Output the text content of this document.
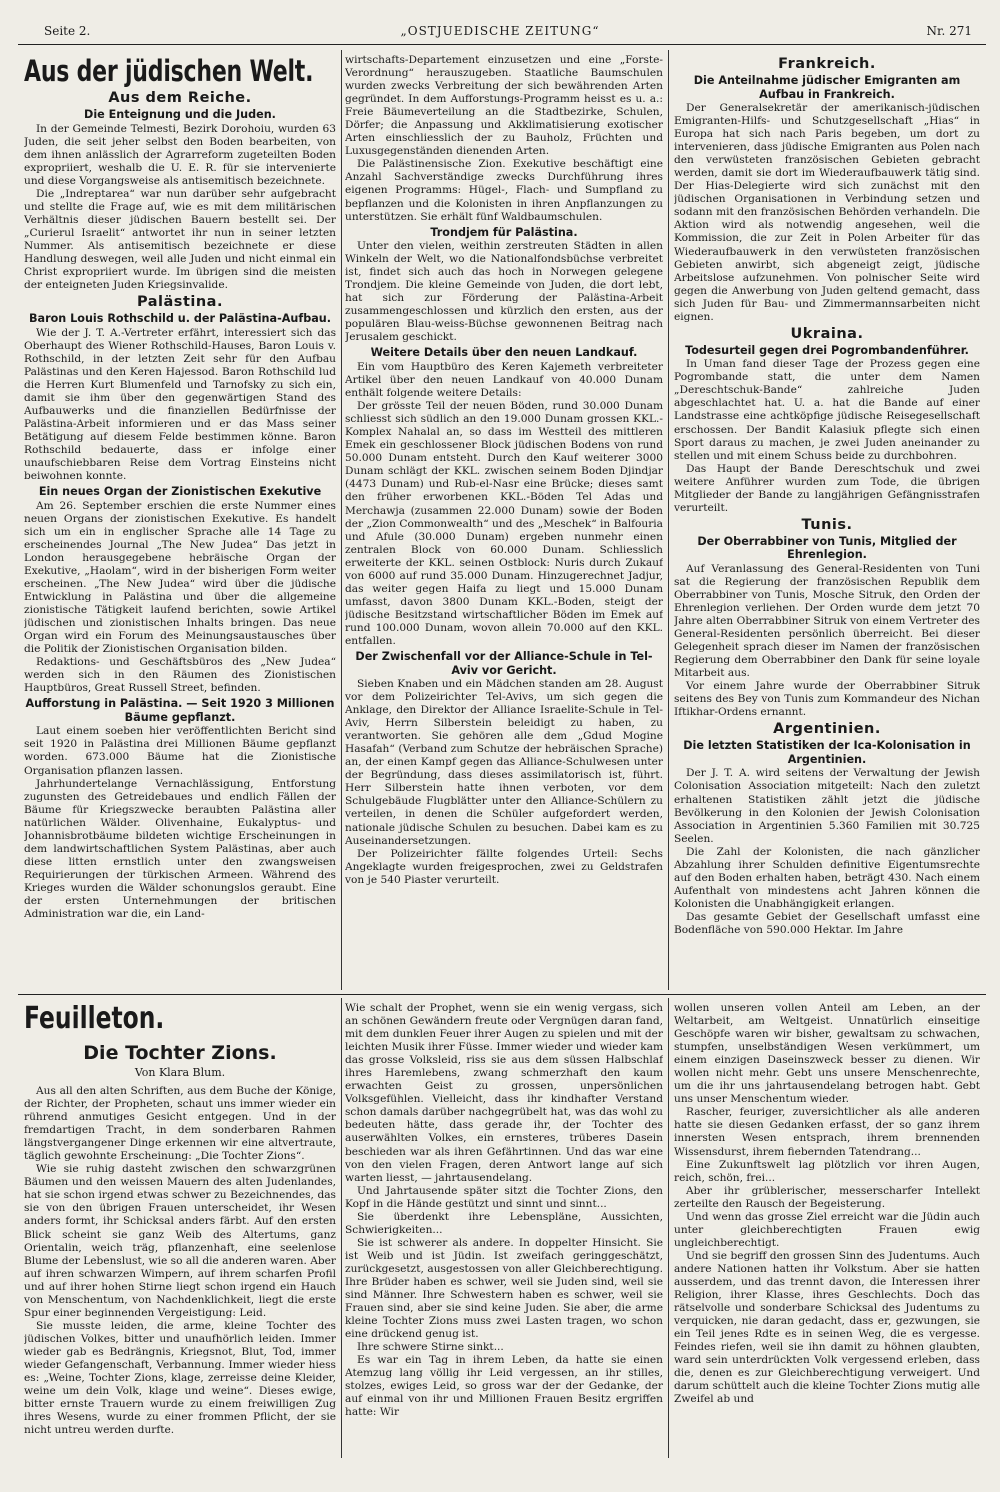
Seite 2.	„OSTJUEDISCHE ZEITUNG“	Nr. 271
Aus der jüdischen Welt.
Aus dem Reiche.
Die Enteignung und die Juden.

In der Gemeinde Telmesti, Bezirk Dorohoiu, wurden 63 Juden, die seit jeher selbst den Boden bearbeiten, von dem ihnen anlässlich der Agrarreform zugeteilten Boden expropriiert, weshalb die U. E. R. für sie intervenierte und diese Vorgangsweise als antisemitisch bezeichnete.

Die „Indreptarea“ war nun darüber sehr aufgebracht und stellte die Frage auf, wie es mit dem militärischen Verhältnis dieser jüdischen Bauern bestellt sei. Der „Curierul Israelit“ antwortet ihr nun in seiner letzten Nummer. Als antisemitisch bezeichnete er diese Handlung deswegen, weil alle Juden und nicht einmal ein Christ expropriiert wurde. Im übrigen sind die meisten der enteigneten Juden Kriegsinvalide.

Palästina.
Baron Louis Rothschild u. der Palästina-Aufbau.

Wie der J. T. A.-Vertreter erfährt, interessiert sich das Oberhaupt des Wiener Rothschild-Hauses, Baron Louis v. Rothschild, in der letzten Zeit sehr für den Aufbau Palästinas und den Keren Hajessod. Baron Rothschild lud die Herren Kurt Blumenfeld und Tarnofsky zu sich ein, damit sie ihm über den gegenwärtigen Stand des Aufbauwerks und die finanziellen Bedürfnisse der Palästina-Arbeit informieren und er das Mass seiner Betätigung auf diesem Felde bestimmen könne. Baron Rothschild bedauerte, dass er infolge einer unaufschiebbaren Reise dem Vortrag Einsteins nicht beiwohnen konnte.

Ein neues Organ der Zionistischen Exekutive

Am 26. September erschien die erste Nummer eines neuen Organs der zionistischen Exekutive. Es handelt sich um ein in englischer Sprache alle 14 Tage zu erscheinendes Journal „The New Judea“ Das jetzt in London herausgegebene hebräische Organ der Exekutive, „Haolam“, wird in der bisherigen Form weiter erscheinen. „The New Judea“ wird über die jüdische Entwicklung in Palästina und über die allgemeine zionistische Tätigkeit laufend berichten, sowie Artikel jüdischen und zionistischen Inhalts bringen. Das neue Organ wird ein Forum des Meinungsaustausches über die Politik der Zionistischen Organisation bilden.

Redaktions- und Geschäftsbüros des „New Judea“ werden sich in den Räumen des Zionistischen Hauptbüros, Great Russell Street, befinden.

Aufforstung in Palästina. — Seit 1920 3 Millionen Bäume gepflanzt.

Laut einem soeben hier veröffentlichten Bericht sind seit 1920 in Palästina drei Millionen Bäume gepflanzt worden. 673.000 Bäume hat die Zionistische Organisation pflanzen lassen.

Jahrhundertelange Vernachlässigung, Entforstung zugunsten des Getreidebaues und endlich Fällen der Bäume für Kriegszwecke beraubten Palästina aller natürlichen Wälder. Olivenhaine, Eukalyptus- und Johannisbrotbäume bildeten wichtige Erscheinungen in dem landwirtschaftlichen System Palästinas, aber auch diese litten ernstlich unter den zwangsweisen Requirierungen der türkischen Armeen. Während des Krieges wurden die Wälder schonungslos geraubt. Eine der ersten Unternehmungen der britischen Administration war die, ein Land-

wirtschafts-Departement einzusetzen und eine „Forste-Verordnung“ herauszugeben. Staatliche Baumschulen wurden zwecks Verbreitung der sich bewährenden Arten gegründet. In dem Aufforstungs-Programm heisst es u. a.: Freie Bäumeverteilung an die Stadtbezirke, Schulen, Dörfer; die Anpassung und Akklimatisierung exotischer Arten einschliesslich der zu Bauholz, Früchten und Luxusgegenständen dienenden Arten.

Die Palästinensische Zion. Exekutive beschäftigt eine Anzahl Sachverständige zwecks Durchführung ihres eigenen Programms: Hügel-, Flach- und Sumpfland zu bepflanzen und die Kolonisten in ihren Anpflanzungen zu unterstützen. Sie erhält fünf Waldbaumschulen.

Trondjem für Palästina.

Unter den vielen, weithin zerstreuten Städten in allen Winkeln der Welt, wo die Nationalfondsbüchse verbreitet ist, findet sich auch das hoch in Norwegen gelegene Trondjem. Die kleine Gemeinde von Juden, die dort lebt, hat sich zur Förderung der Palästina-Arbeit zusammengeschlossen und kürzlich den ersten, aus der populären Blau-weiss-Büchse gewonnenen Beitrag nach Jerusalem geschickt.

Weitere Details über den neuen Landkauf.

Ein vom Hauptbüro des Keren Kajemeth verbreiteter Artikel über den neuen Landkauf von 40.000 Dunam enthält folgende weitere Details:

Der grösste Teil der neuen Böden, rund 30.000 Dunam schliesst sich südlich an den 19.000 Dunam grossen KKL.-Komplex Nahalal an, so dass im Westteil des mittleren Emek ein geschlossener Block jüdischen Bodens von rund 50.000 Dunam entsteht. Durch den Kauf weiterer 3000 Dunam schlägt der KKL. zwischen seinem Boden Djindjar (4473 Dunam) und Rub-el-Nasr eine Brücke; dieses samt den früher erworbenen KKL.-Böden Tel Adas und Merchawja (zusammen 22.000 Dunam) sowie der Boden der „Zion Commonwealth“ und des „Meschek“ in Balfouria und Afule (30.000 Dunam) ergeben nunmehr einen zentralen Block von 60.000 Dunam. Schliesslich erweiterte der KKL. seinen Ostblock: Nuris durch Zukauf von 6000 auf rund 35.000 Dunam. Hinzugerechnet Jadjur, das weiter gegen Haifa zu liegt und 15.000 Dunam umfasst, davon 3800 Dunam KKL.-Boden, steigt der jüdische Besitzstand wirtschaftlicher Böden im Emek auf rund 100.000 Dunam, wovon allein 70.000 auf den KKL. entfallen.

Der Zwischenfall vor der Alliance-Schule in Tel-Aviv vor Gericht.

Sieben Knaben und ein Mädchen standen am 28. August vor dem Polizeirichter Tel-Avivs, um sich gegen die Anklage, den Direktor der Alliance Israelite-Schule in Tel-Aviv, Herrn Silberstein beleidigt zu haben, zu verantworten. Sie gehören alle dem „Gdud Mogine Hasafah“ (Verband zum Schutze der hebräischen Sprache) an, der einen Kampf gegen das Alliance-Schulwesen unter der Begründung, dass dieses assimilatorisch ist, führt. Herr Silberstein hatte ihnen verboten, vor dem Schulgebäude Flugblätter unter den Alliance-Schülern zu verteilen, in denen die Schüler aufgefordert werden, nationale jüdische Schulen zu besuchen. Dabei kam es zu Auseinandersetzungen.

Der Polizeirichter fällte folgendes Urteil: Sechs Angeklagte wurden freigesprochen, zwei zu Geldstrafen von je 540 Piaster verurteilt.

Frankreich.
Die Anteilnahme jüdischer Emigranten am Aufbau in Frankreich.

Der Generalsekretär der amerikanisch-jüdischen Emigranten-Hilfs- und Schutzgesellschaft „Hias“ in Europa hat sich nach Paris begeben, um dort zu intervenieren, dass jüdische Emigranten aus Polen nach den verwüsteten französischen Gebieten gebracht werden, damit sie dort im Wiederaufbauwerk tätig sind. Der Hias-Delegierte wird sich zunächst mit den jüdischen Organisationen in Verbindung setzen und sodann mit den französischen Behörden verhandeln. Die Aktion wird als notwendig angesehen, weil die Kommission, die zur Zeit in Polen Arbeiter für das Wiederaufbauwerk in den verwüsteten französischen Gebieten anwirbt, sich abgeneigt zeigt, jüdische Arbeitslose aufzunehmen. Von polnischer Seite wird gegen die Anwerbung von Juden geltend gemacht, dass sich Juden für Bau- und Zimmermannsarbeiten nicht eignen.

Ukraina.
Todesurteil gegen drei Pogrombandenführer.

In Uman fand dieser Tage der Prozess gegen eine Pogrombande statt, die unter dem Namen „Dereschtschuk-Bande“ zahlreiche Juden abgeschlachtet hat. U. a. hat die Bande auf einer Landstrasse eine achtköpfige jüdische Reisegesellschaft erschossen. Der Bandit Kalasiuk pflegte sich einen Sport daraus zu machen, je zwei Juden aneinander zu stellen und mit einem Schuss beide zu durchbohren.

Das Haupt der Bande Dereschtschuk und zwei weitere Anführer wurden zum Tode, die übrigen Mitglieder der Bande zu langjährigen Gefängnisstrafen verurteilt.

Tunis.
Der Oberrabbiner von Tunis, Mitglied der Ehrenlegion.

Auf Veranlassung des General-Residenten von Tuni sat die Regierung der französischen Republik dem Oberrabbiner von Tunis, Mosche Sitruk, den Orden der Ehrenlegion verliehen. Der Orden wurde dem jetzt 70 Jahre alten Oberrabbiner Sitruk von einem Vertreter des General-Residenten persönlich überreicht. Bei dieser Gelegenheit sprach dieser im Namen der französischen Regierung dem Oberrabbiner den Dank für seine loyale Mitarbeit aus.

Vor einem Jahre wurde der Oberrabbiner Sitruk seitens des Bey von Tunis zum Kommandeur des Nichan Iftikhar-Ordens ernannt.

Argentinien.
Die letzten Statistiken der Ica-Kolonisation in Argentinien.

Der J. T. A. wird seitens der Verwaltung der Jewish Colonisation Association mitgeteilt: Nach den zuletzt erhaltenen Statistiken zählt jetzt die jüdische Bevölkerung in den Kolonien der Jewish Colonisation Association in Argentinien 5.360 Familien mit 30.725 Seelen.

Die Zahl der Kolonisten, die nach gänzlicher Abzahlung ihrer Schulden definitive Eigentumsrechte auf den Boden erhalten haben, beträgt 430. Nach einem Aufenthalt von mindestens acht Jahren können die Kolonisten die Unabhängigkeit erlangen.

Das gesamte Gebiet der Gesellschaft umfasst eine Bodenfläche von 590.000 Hektar. Im Jahre

Feuilleton.
Die Tochter Zions.
Von Klara Blum.

Aus all den alten Schriften, aus dem Buche der Könige, der Richter, der Propheten, schaut uns immer wieder ein rührend anmutiges Gesicht entgegen. Und in der fremdartigen Tracht, in dem sonderbaren Rahmen längstvergangener Dinge erkennen wir eine altvertraute, täglich gewohnte Erscheinung: „Die Tochter Zions“.

Wie sie ruhig dasteht zwischen den schwarzgrünen Bäumen und den weissen Mauern des alten Judenlandes, hat sie schon irgend etwas schwer zu Bezeichnendes, das sie von den übrigen Frauen unterscheidet, ihr Wesen anders formt, ihr Schicksal anders färbt. Auf den ersten Blick scheint sie ganz Weib des Altertums, ganz Orientalin, weich träg, pflanzenhaft, eine seelenlose Blume der Lebenslust, wie so all die anderen waren. Aber auf ihren schwarzen Wimpern, auf ihrem scharfen Profil und auf ihrer hohen Stirne liegt schon irgend ein Hauch von Menschentum, von Nachdenklichkeit, liegt die erste Spur einer beginnenden Vergeistigung: Leid.

Sie musste leiden, die arme, kleine Tochter des jüdischen Volkes, bitter und unaufhörlich leiden. Immer wieder gab es Bedrängnis, Kriegsnot, Blut, Tod, immer wieder Gefangenschaft, Verbannung. Immer wieder hiess es: „Weine, Tochter Zions, klage, zerreisse deine Kleider, weine um dein Volk, klage und weine“. Dieses ewige, bitter ernste Trauern wurde zu einem freiwilligen Zug ihres Wesens, wurde zu einer frommen Pflicht, der sie nicht untreu werden durfte.

Wie schalt der Prophet, wenn sie ein wenig vergass, sich an schönen Gewändern freute oder Vergnügen daran fand, mit dem dunklen Feuer ihrer Augen zu spielen und mit der leichten Musik ihrer Füsse. Immer wieder und wieder kam das grosse Volksleid, riss sie aus dem süssen Halbschlaf ihres Haremlebens, zwang schmerzhaft den kaum erwachten Geist zu grossen, unpersönlichen Volksgefühlen. Vielleicht, dass ihr kindhafter Verstand schon damals darüber nachgegrübelt hat, was das wohl zu bedeuten hätte, dass gerade ihr, der Tochter des auserwählten Volkes, ein ernsteres, trüberes Dasein beschieden war als ihren Gefährtinnen. Und das war eine von den vielen Fragen, deren Antwort lange auf sich warten liesst, — jahrtausendelang.

Und Jahrtausende später sitzt die Tochter Zions, den Kopf in die Hände gestützt und sinnt und sinnt...

Sie überdenkt ihre Lebenspläne, Aussichten, Schwierigkeiten...

Sie ist schwerer als andere. In doppelter Hinsicht. Sie ist Weib und ist Jüdin. Ist zweifach geringgeschätzt, zurückgesetzt, ausgestossen von aller Gleichberechtigung. Ihre Brüder haben es schwer, weil sie Juden sind, weil sie sind Männer. Ihre Schwestern haben es schwer, weil sie Frauen sind, aber sie sind keine Juden. Sie aber, die arme kleine Tochter Zions muss zwei Lasten tragen, wo schon eine drückend genug ist.

Ihre schwere Stirne sinkt...

Es war ein Tag in ihrem Leben, da hatte sie einen Atemzug lang völlig ihr Leid vergessen, an ihr stilles, stolzes, ewiges Leid, so gross war der der Gedanke, der auf einmal von ihr und Millionen Frauen Besitz ergriffen hatte: Wir

wollen unseren vollen Anteil am Leben, an der Weltarbeit, am Weltgeist. Unnatürlich einseitige Geschöpfe waren wir bisher, gewaltsam zu schwachen, stumpfen, unselbständigen Wesen verkümmert, um einem einzigen Daseinszweck besser zu dienen. Wir wollen nicht mehr. Gebt uns unsere Menschenrechte, um die ihr uns jahrtausendelang betrogen habt. Gebt uns unser Menschentum wieder.

Rascher, feuriger, zuversichtlicher als alle anderen hatte sie diesen Gedanken erfasst, der so ganz ihrem innersten Wesen entsprach, ihrem brennenden Wissensdurst, ihrem fiebernden Tatendrang...

Eine Zukunftswelt lag plötzlich vor ihren Augen, reich, schön, frei...

Aber ihr grüblerischer, messerscharfer Intellekt zerteilte den Rausch der Begeisterung.

Und wenn das grosse Ziel erreicht war die Jüdin auch unter gleichberechtigten Frauen ewig ungleichberechtigt.

Und sie begriff den grossen Sinn des Judentums. Auch andere Nationen hatten ihr Volkstum. Aber sie hatten ausserdem, und das trennt davon, die Interessen ihrer Religion, ihrer Klasse, ihres Geschlechts. Doch das rätselvolle und sonderbare Schicksal des Judentums zu verquicken, nie daran gedacht, dass er, gezwungen, sie ein Teil jenes Rdte es in seinen Weg, die es vergesse. Feindes riefen, weil sie ihn damit zu höhnen glaubten, ward sein unterdrückten Volk vergessend erleben, dass die, denen es zur Gleichberechtigung verweigert. Und darum schüttelt auch die kleine Tochter Zions mutig alle Zweifel ab und
